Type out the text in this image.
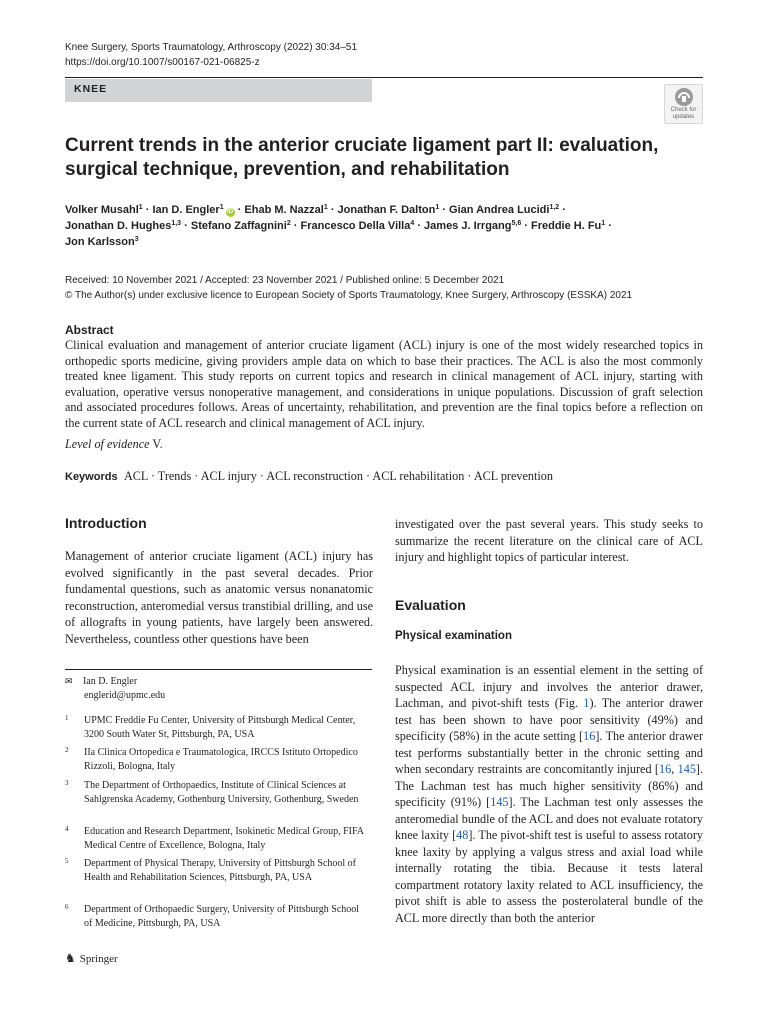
Knee Surgery, Sports Traumatology, Arthroscopy (2022) 30:34–51
https://doi.org/10.1007/s00167-021-06825-z
KNEE
Check for
updates
Current trends in the anterior cruciate ligament part II: evaluation, surgical technique, prevention, and rehabilitation
Volker Musahl$^1$ · Ian D. Engler$^1$iD · Ehab M. Nazzal$^1$ · Jonathan F. Dalton$^1$ · Gian Andrea Lucidi$^{1,2}$ ·
Jonathan D. Hughes$^{1,3}$ · Stefano Zaffagnini$^2$ · Francesco Della Villa$^4$ · James J. Irrgang$^{5,6}$ · Freddie H. $Fu^1$ ·
Jon Karlsson$^3$
Received: 10 November 2021 / Accepted: 23 November 2021 / Published online: 5 December 2021
© The Author(s) under exclusive licence to European Society of Sports Traumatology, Knee Surgery, Arthroscopy (ESSKA) 2021
Abstract
Clinical evaluation and management of anterior cruciate ligament (ACL) injury is one of the most widely researched topics in orthopedic sports medicine, giving providers ample data on which to base their practices. The ACL is also the most commonly treated knee ligament. This study reports on current topics and research in clinical management of ACL injury, starting with evaluation, operative versus nonoperative management, and considerations in unique populations. Discussion of graft selection and associated procedures follows. Areas of uncertainty, rehabilitation, and prevention are the final topics before a reflection on the current state of ACL research and clinical management of ACL injury.
Level of evidence V.
Keywords ACL · Trends · ACL injury · ACL reconstruction · ACL rehabilitation · ACL prevention
Introduction
Management of anterior cruciate ligament (ACL) injury has evolved significantly in the past several decades. Prior fundamental questions, such as anatomic versus nonanatomic reconstruction, anteromedial versus transtibial drilling, and use of allografts in young patients, have largely been answered. Nevertheless, countless other questions have been
✉ Ian D. Engler
englerid@upmc.edu
1 UPMC Freddie Fu Center, University of Pittsburgh Medical Center, 3200 South Water St, Pittsburgh, PA, USA
2 IIa Clinica Ortopedica e Traumatologica, IRCCS Istituto Ortopedico Rizzoli, Bologna, Italy
3 The Department of Orthopaedics, Institute of Clinical Sciences at Sahlgrenska Academy, Gothenburg University, Gothenburg, Sweden
4 Education and Research Department, Isokinetic Medical Group, FIFA Medical Centre of Excellence, Bologna, Italy
5 Department of Physical Therapy, University of Pittsburgh School of Health and Rehabilitation Sciences, Pittsburgh, PA, USA
6 Department of Orthopaedic Surgery, University of Pittsburgh School of Medicine, Pittsburgh, PA, USA
♞ Springer
investigated over the past several years. This study seeks to summarize the recent literature on the clinical care of ACL injury and highlight topics of particular interest.
Evaluation
Physical examination
Physical examination is an essential element in the setting of suspected ACL injury and involves the anterior drawer, Lachman, and pivot-shift tests (Fig. 1). The anterior drawer test has been shown to have poor sensitivity (49%) and specificity (58%) in the acute setting [16]. The anterior drawer test performs substantially better in the chronic setting and when secondary restraints are concomitantly injured [16, 145]. The Lachman test has much higher sensitivity (86%) and specificity (91%) [145]. The Lachman test only assesses the anteromedial bundle of the ACL and does not evaluate rotatory knee laxity [48]. The pivot-shift test is useful to assess rotatory knee laxity by applying a valgus stress and axial load while internally rotating the tibia. Because it tests lateral compartment rotatory laxity related to ACL insufficiency, the pivot shift is able to assess the posterolateral bundle of the ACL more directly than both the anterior
